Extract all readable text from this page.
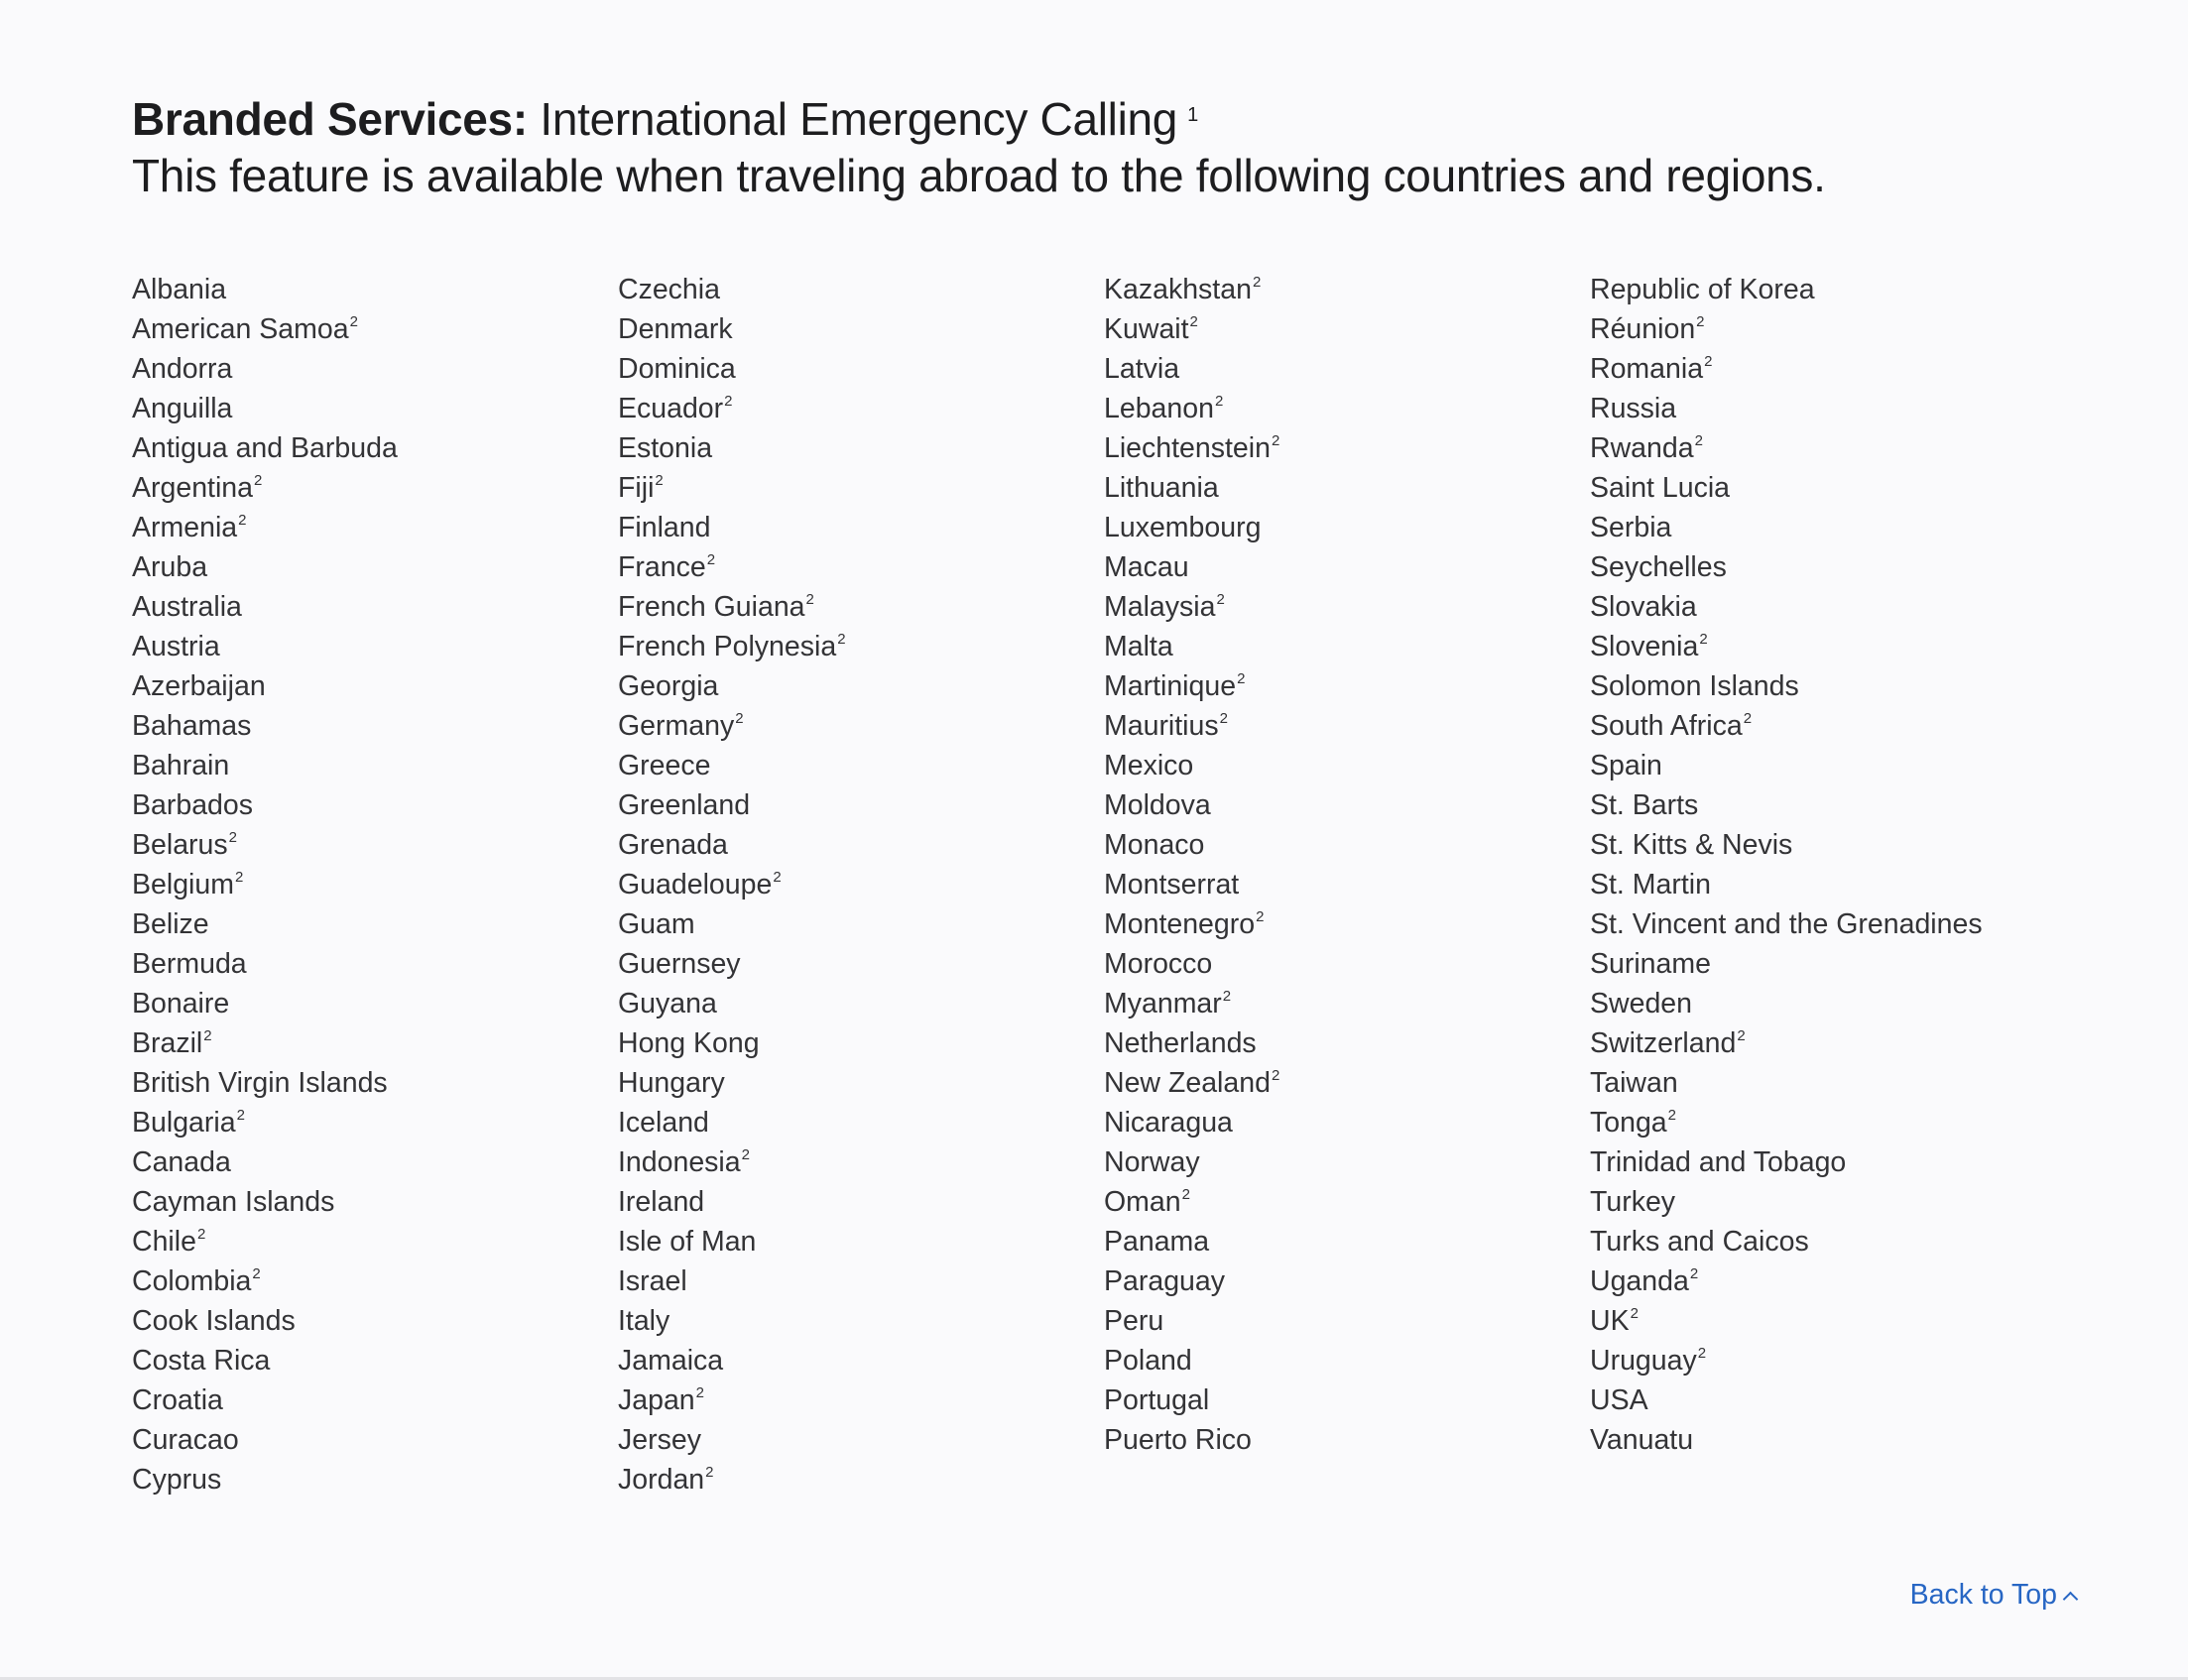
Branded Services: International Emergency Calling $^1$
This feature is available when traveling abroad to the following countries and regions.
Albania
American Samoa$^2$
Andorra
Anguilla
Antigua and Barbuda
Argentina$^2$
Armenia$^2$
Aruba
Australia
Austria
Azerbaijan
Bahamas
Bahrain
Barbados
Belarus$^2$
Belgium$^2$
Belize
Bermuda
Bonaire
Brazil$^2$
British Virgin Islands
Bulgaria$^2$
Canada
Cayman Islands
Chile$^2$
Colombia$^2$
Cook Islands
Costa Rica
Croatia
Curacao
Cyprus
Czechia
Denmark
Dominica
Ecuador$^2$
Estonia
Fiji$^2$
Finland
France$^2$
French Guiana$^2$
French Polynesia$^2$
Georgia
Germany$^2$
Greece
Greenland
Grenada
Guadeloupe$^2$
Guam
Guernsey
Guyana
Hong Kong
Hungary
Iceland
Indonesia$^2$
Ireland
Isle of Man
Israel
Italy
Jamaica
Japan$^2$
Jersey
Jordan$^2$
Kazakhstan$^2$
Kuwait$^2$
Latvia
Lebanon$^2$
Liechtenstein$^2$
Lithuania
Luxembourg
Macau
Malaysia$^2$
Malta
Martinique$^2$
Mauritius$^2$
Mexico
Moldova
Monaco
Montserrat
Montenegro$^2$
Morocco
Myanmar$^2$
Netherlands
New Zealand$^2$
Nicaragua
Norway
Oman$^2$
Panama
Paraguay
Peru
Poland
Portugal
Puerto Rico
Republic of Korea
Réunion$^2$
Romania$^2$
Russia
Rwanda$^2$
Saint Lucia
Serbia
Seychelles
Slovakia
Slovenia$^2$
Solomon Islands
South Africa$^2$
Spain
St. Barts
St. Kitts & Nevis
St. Martin
St. Vincent and the Grenadines
Suriname
Sweden
Switzerland$^2$
Taiwan
Tonga$^2$
Trinidad and Tobago
Turkey
Turks and Caicos
Uganda$^2$
$UK^2$
Uruguay$^2$
USA
Vanuatu
Back to Top
